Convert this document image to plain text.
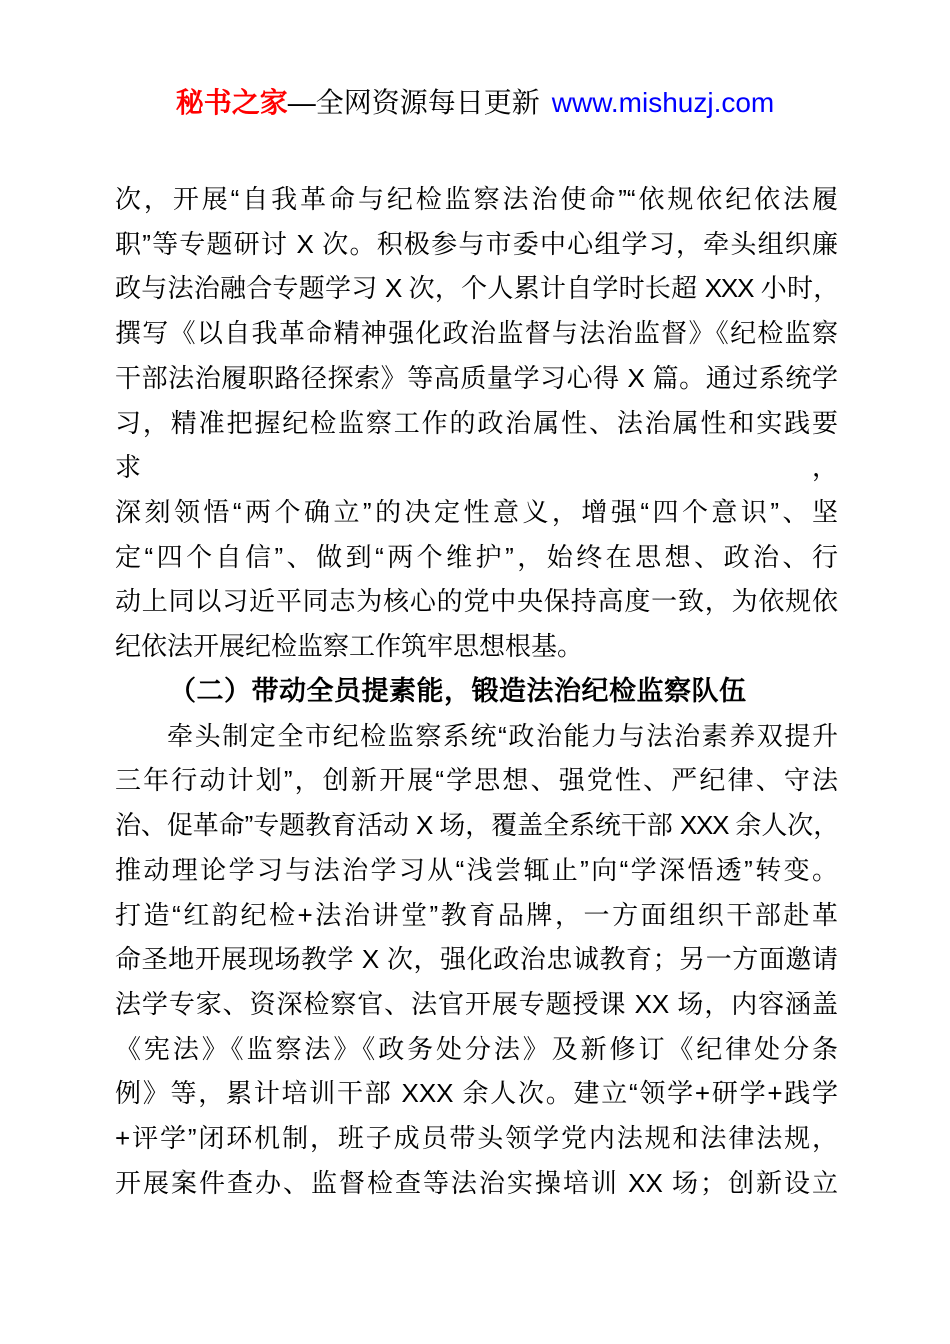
秘书之家—全网资源每日更新 www.mishuzj.com
次，开展“自我革命与纪检监察法治使命”“依规依纪依法履
职”等专题研讨 X 次。积极参与市委中心组学习，牵头组织廉
政与法治融合专题学习 X 次，个人累计自学时长超 XXX 小时，
撰写《以自我革命精神强化政治监督与法治监督》《纪检监察
干部法治履职路径探索》等高质量学习心得 X 篇。通过系统学
习，精准把握纪检监察工作的政治属性、法治属性和实践要求，
深刻领悟“两个确立”的决定性意义，增强“四个意识”、坚
定“四个自信”、做到“两个维护”，始终在思想、政治、行
动上同以习近平同志为核心的党中央保持高度一致，为依规依
纪依法开展纪检监察工作筑牢思想根基。
（二）带动全员提素能，锻造法治纪检监察队伍
牵头制定全市纪检监察系统“政治能力与法治素养双提升
三年行动计划”，创新开展“学思想、强党性、严纪律、守法
治、促革命”专题教育活动 X 场，覆盖全系统干部 XXX 余人次，
推动理论学习与法治学习从“浅尝辄止”向“学深悟透”转变。
打造“红韵纪检+法治讲堂”教育品牌，一方面组织干部赴革
命圣地开展现场教学 X 次，强化政治忠诚教育；另一方面邀请
法学专家、资深检察官、法官开展专题授课 XX 场，内容涵盖
《宪法》《监察法》《政务处分法》及新修订《纪律处分条
例》等，累计培训干部 XXX 余人次。建立“领学+研学+践学
+评学”闭环机制，班子成员带头领学党内法规和法律法规，
开展案件查办、监督检查等法治实操培训 XX 场；创新设立
